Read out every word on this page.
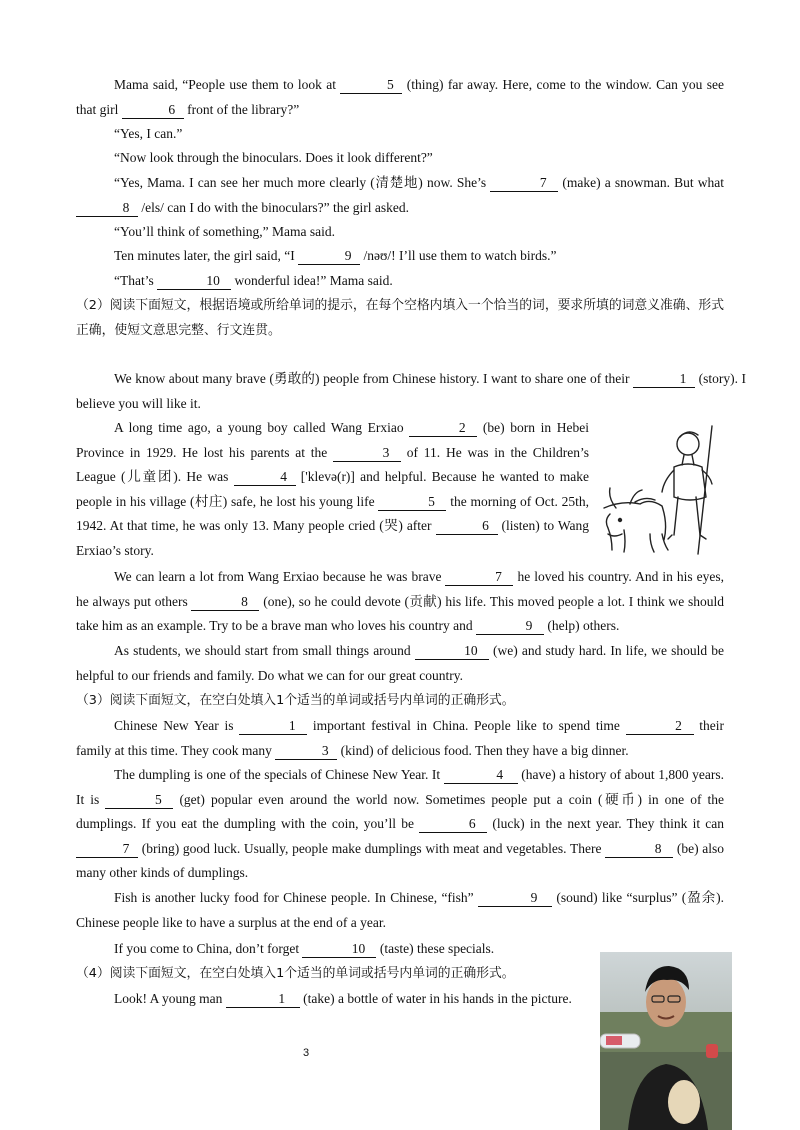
Mama said, “People use them to look at	5 (thing) far away. Here, come to the window. Can you see that girl	6 front of the library?”

“Yes, I can.”

“Now look through the binoculars. Does it look different?”

“Yes, Mama. I can see her much more clearly (清楚地) now. She’s	7 (make) a snowman. But what 8 /els/ can I do with the binoculars?” the girl asked.

“You’ll think of something,” Mama said.

Ten minutes later, the girl said, “I	9 /nəʊ/! I’ll use them to watch birds.”

“That’s	10 wonderful idea!” Mama said.

（2）阅读下面短文，根据语境或所给单词的提示，在每个空格内填入一个恰当的词，要求所填的词意义准确、形式正确，使短文意思完整、行文连贯。

We know about many brave (勇敢的) people from Chinese history. I want to share one of their	1 (story). I believe you will like it.

A long time ago, a young boy called Wang Erxiao	2 (be) born in Hebei Province in 1929. He lost his parents at the	3 of 11. He was in the Children’s League (儿童团). He was	4 ['klevə(r)] and helpful. Because he wanted to make people in his village (村庄) safe, he lost his young life	5 the morning of Oct. 25th, 1942. At that time, he was only 13. Many people cried (哭) after	6 (listen) to Wang Erxiao’s story.

We can learn a lot from Wang Erxiao because he was brave	7 he loved his country. And in his eyes, he always put others	8 (one), so he could devote (贡献) his life. This moved people a lot. I think we should take him as an example. Try to be a brave man who loves his country and	9 (help) others.

As students, we should start from small things around	10 (we) and study hard. In life, we should be helpful to our friends and family. Do what we can for our great country.

（3）阅读下面短文，在空白处填入1个适当的单词或括号内单词的正确形式。

Chinese New Year is	1 important festival in China. People like to spend time	2 their family at this time. They cook many	3 (kind) of delicious food. Then they have a big dinner.

The dumpling is one of the specials of Chinese New Year. It	4 (have) a history of about 1,800 years. It is	5 (get) popular even around the world now. Sometimes people put a coin (硬币) in one of the dumplings. If you eat the dumpling with the coin, you’ll be	6 (luck) in the next year. They think it can 7 (bring) good luck. Usually, people make dumplings with meat and vegetables. There	8 (be) also many other kinds of dumplings.

Fish is another lucky food for Chinese people. In Chinese, “fish”	9 (sound) like “surplus” (盈余). Chinese people like to have a surplus at the end of a year.

If you come to China, don’t forget	10 (taste) these specials.

（4）阅读下面短文，在空白处填入1个适当的单词或括号内单词的正确形式。

Look! A young man	1 (take) a bottle of water in his hands in the picture.

3
